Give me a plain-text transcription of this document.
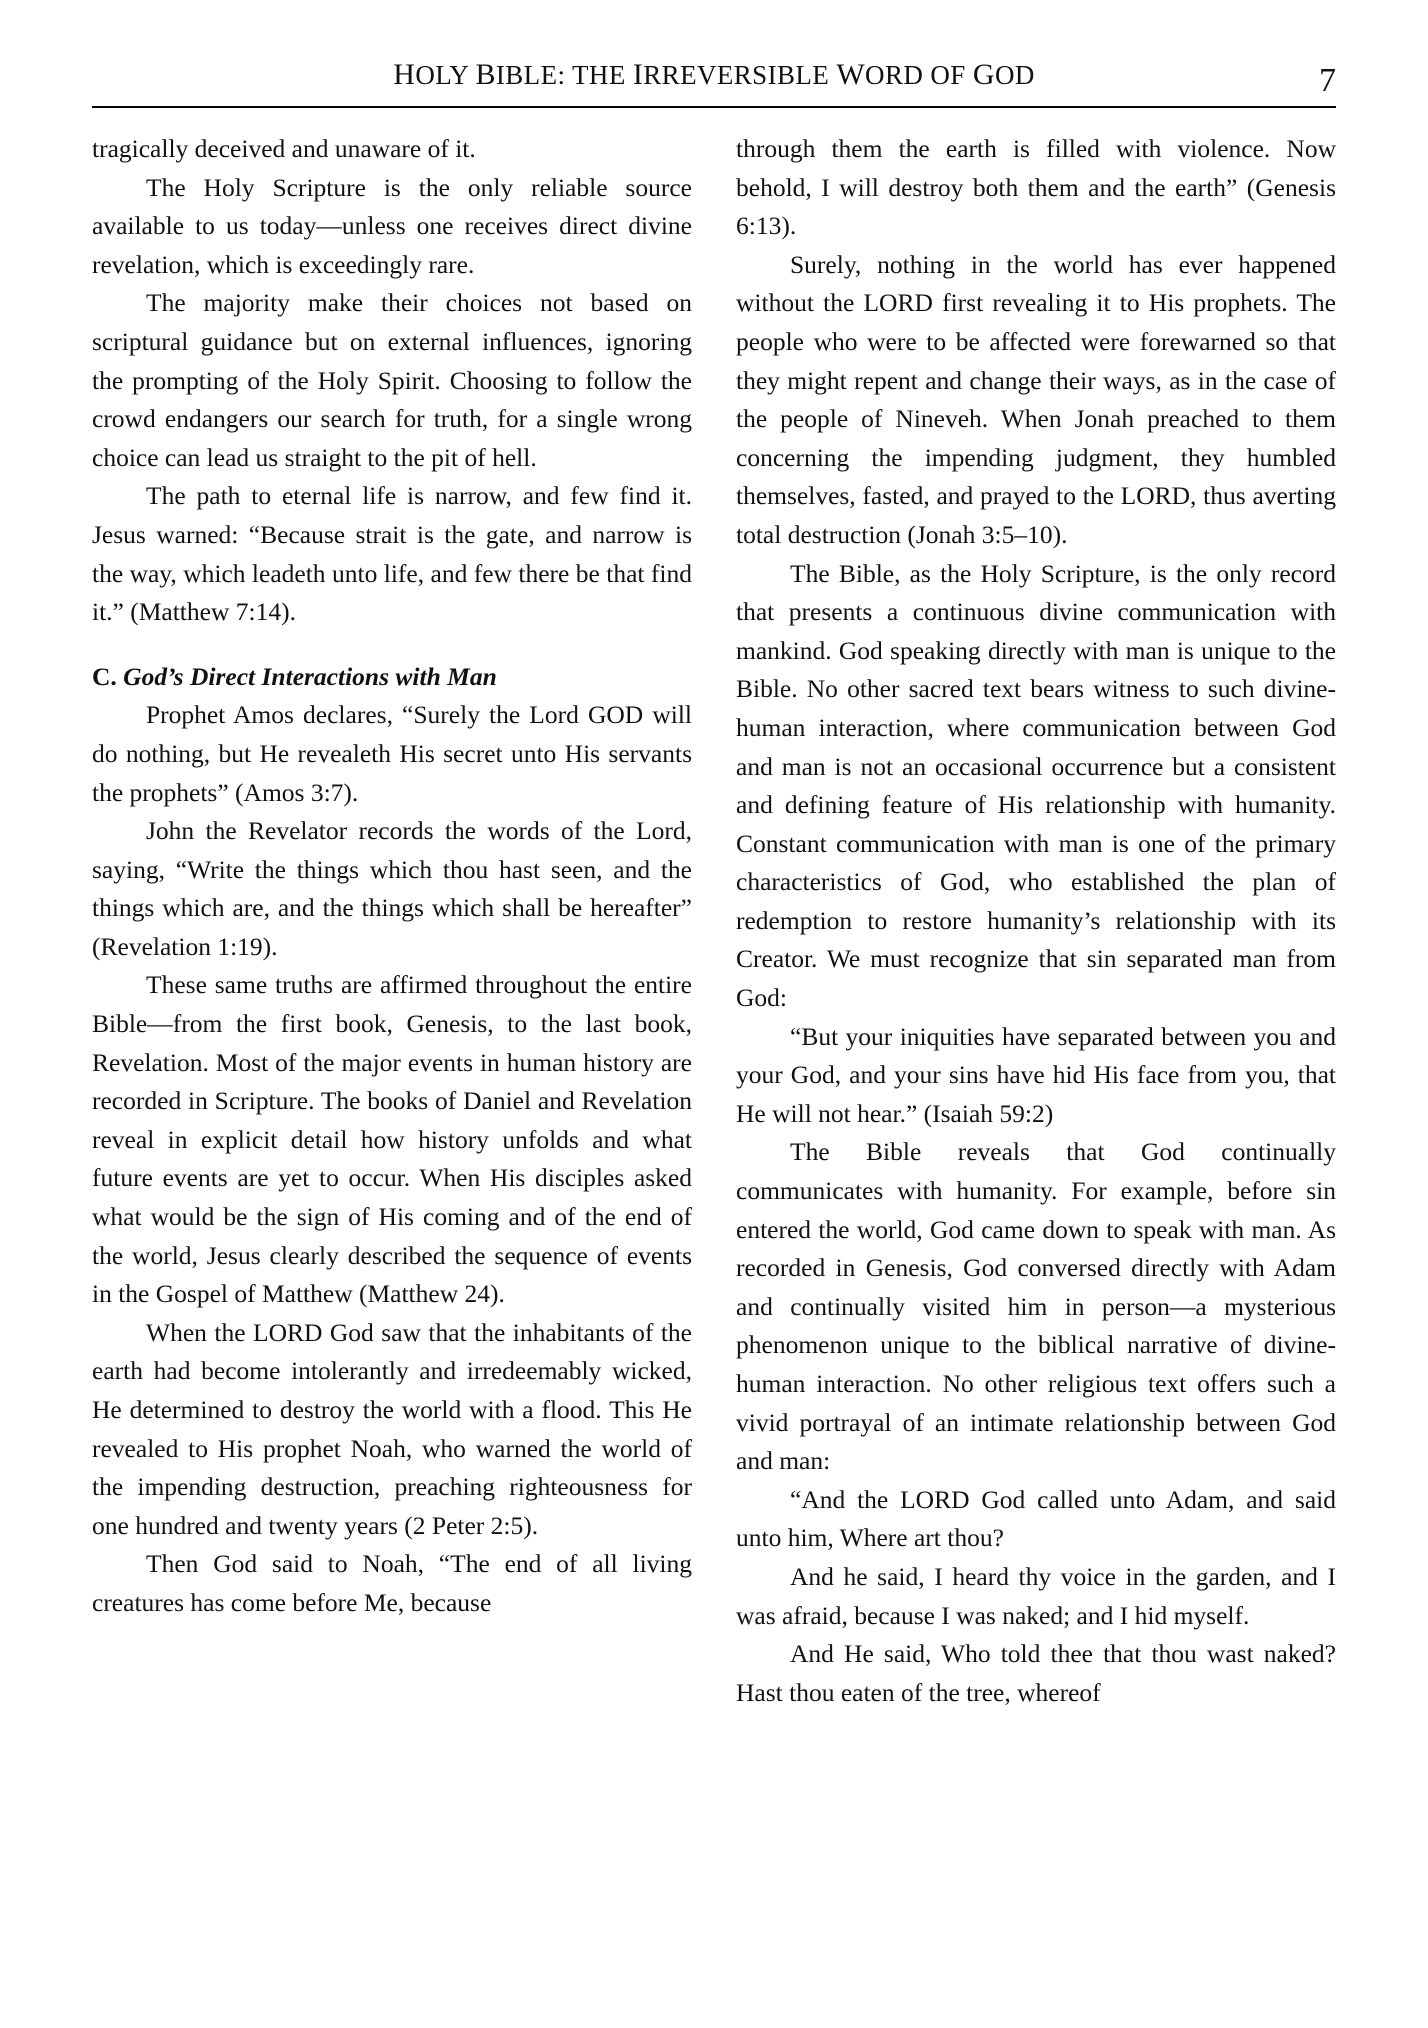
HOLY BIBLE: THE IRREVERSIBLE WORD OF GOD	7

tragically deceived and unaware of it.

The Holy Scripture is the only reliable source available to us today—unless one receives direct divine revelation, which is exceedingly rare.

The majority make their choices not based on scriptural guidance but on external influences, ignoring the prompting of the Holy Spirit. Choosing to follow the crowd endangers our search for truth, for a single wrong choice can lead us straight to the pit of hell.

The path to eternal life is narrow, and few find it. Jesus warned: “Because strait is the gate, and narrow is the way, which leadeth unto life, and few there be that find it.” (Matthew 7:14).

C. God’s Direct Interactions with Man

Prophet Amos declares, “Surely the Lord GOD will do nothing, but He revealeth His secret unto His servants the prophets” (Amos 3:7).

John the Revelator records the words of the Lord, saying, “Write the things which thou hast seen, and the things which are, and the things which shall be hereafter” (Revelation 1:19).

These same truths are affirmed throughout the entire Bible—from the first book, Genesis, to the last book, Revelation. Most of the major events in human history are recorded in Scripture. The books of Daniel and Revelation reveal in explicit detail how history unfolds and what future events are yet to occur. When His disciples asked what would be the sign of His coming and of the end of the world, Jesus clearly described the sequence of events in the Gospel of Matthew (Matthew 24).

When the LORD God saw that the inhabitants of the earth had become intolerantly and irredeemably wicked, He determined to destroy the world with a flood. This He revealed to His prophet Noah, who warned the world of the impending destruction, preaching righteousness for one hundred and twenty years (2 Peter 2:5).

Then God said to Noah, “The end of all living creatures has come before Me, because

through them the earth is filled with violence. Now behold, I will destroy both them and the earth” (Genesis 6:13).

Surely, nothing in the world has ever happened without the LORD first revealing it to His prophets. The people who were to be affected were forewarned so that they might repent and change their ways, as in the case of the people of Nineveh. When Jonah preached to them concerning the impending judgment, they humbled themselves, fasted, and prayed to the LORD, thus averting total destruction (Jonah 3:5–10).

The Bible, as the Holy Scripture, is the only record that presents a continuous divine communication with mankind. God speaking directly with man is unique to the Bible. No other sacred text bears witness to such divine-human interaction, where communication between God and man is not an occasional occurrence but a consistent and defining feature of His relationship with humanity. Constant communication with man is one of the primary characteristics of God, who established the plan of redemption to restore humanity’s relationship with its Creator. We must recognize that sin separated man from God:

“But your iniquities have separated between you and your God, and your sins have hid His face from you, that He will not hear.” (Isaiah 59:2)

The Bible reveals that God continually communicates with humanity. For example, before sin entered the world, God came down to speak with man. As recorded in Genesis, God conversed directly with Adam and continually visited him in person—a mysterious phenomenon unique to the biblical narrative of divine-human interaction. No other religious text offers such a vivid portrayal of an intimate relationship between God and man:

“And the LORD God called unto Adam, and said unto him, Where art thou?

And he said, I heard thy voice in the garden, and I was afraid, because I was naked; and I hid myself.

And He said, Who told thee that thou wast naked? Hast thou eaten of the tree, whereof
